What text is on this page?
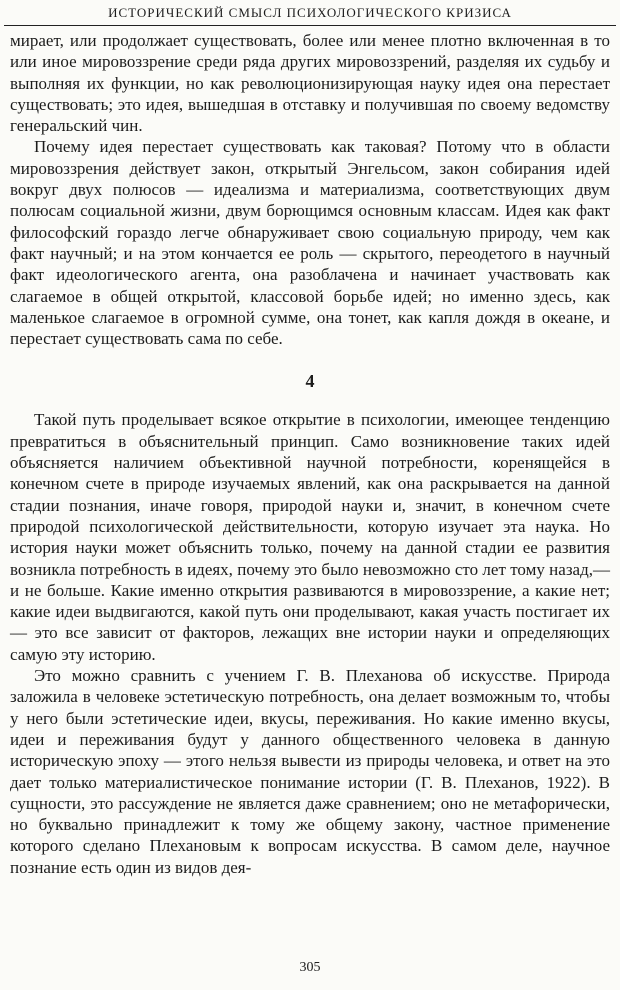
ИСТОРИЧЕСКИЙ СМЫСЛ ПСИХОЛОГИЧЕСКОГО КРИЗИСА

мирает, или продолжает существовать, более или менее плотно включенная в то или иное мировоззрение среди ряда других мировоззрений, разделяя их судьбу и выполняя их функции, но как революционизирующая науку идея она перестает существовать; это идея, вышедшая в отставку и получившая по своему ведомству генеральский чин.

Почему идея перестает существовать как таковая? Потому что в области мировоззрения действует закон, открытый Энгельсом, закон собирания идей вокруг двух полюсов — идеализма и материализма, соответствующих двум полюсам социальной жизни, двум борющимся основным классам. Идея как факт философский гораздо легче обнаруживает свою социальную природу, чем как факт научный; и на этом кончается ее роль — скрытого, переодетого в научный факт идеологического агента, она разоблачена и начинает участвовать как слагаемое в общей открытой, классовой борьбе идей; но именно здесь, как маленькое слагаемое в огромной сумме, она тонет, как капля дождя в океане, и перестает существовать сама по себе.

4

Такой путь проделывает всякое открытие в психологии, имеющее тенденцию превратиться в объяснительный принцип. Само возникновение таких идей объясняется наличием объективной научной потребности, коренящейся в конечном счете в природе изучаемых явлений, как она раскрывается на данной стадии познания, иначе говоря, природой науки и, значит, в конечном счете природой психологической действительности, которую изучает эта наука. Но история науки может объяснить только, почему на данной стадии ее развития возникла потребность в идеях, почему это было невозможно сто лет тому назад,— и не больше. Какие именно открытия развиваются в мировоззрение, а какие нет; какие идеи выдвигаются, какой путь они проделывают, какая участь постигает их — это все зависит от факторов, лежащих вне истории науки и определяющих самую эту историю.

Это можно сравнить с учением Г. В. Плеханова об искусстве. Природа заложила в человеке эстетическую потребность, она делает возможным то, чтобы у него были эстетические идеи, вкусы, переживания. Но какие именно вкусы, идеи и переживания будут у данного общественного человека в данную историческую эпоху — этого нельзя вывести из природы человека, и ответ на это дает только материалистическое понимание истории (Г. В. Плеханов, 1922). В сущности, это рассуждение не является даже сравнением; оно не метафорически, но буквально принадлежит к тому же общему закону, частное применение которого сделано Плехановым к вопросам искусства. В самом деле, научное познание есть один из видов дея-

305
